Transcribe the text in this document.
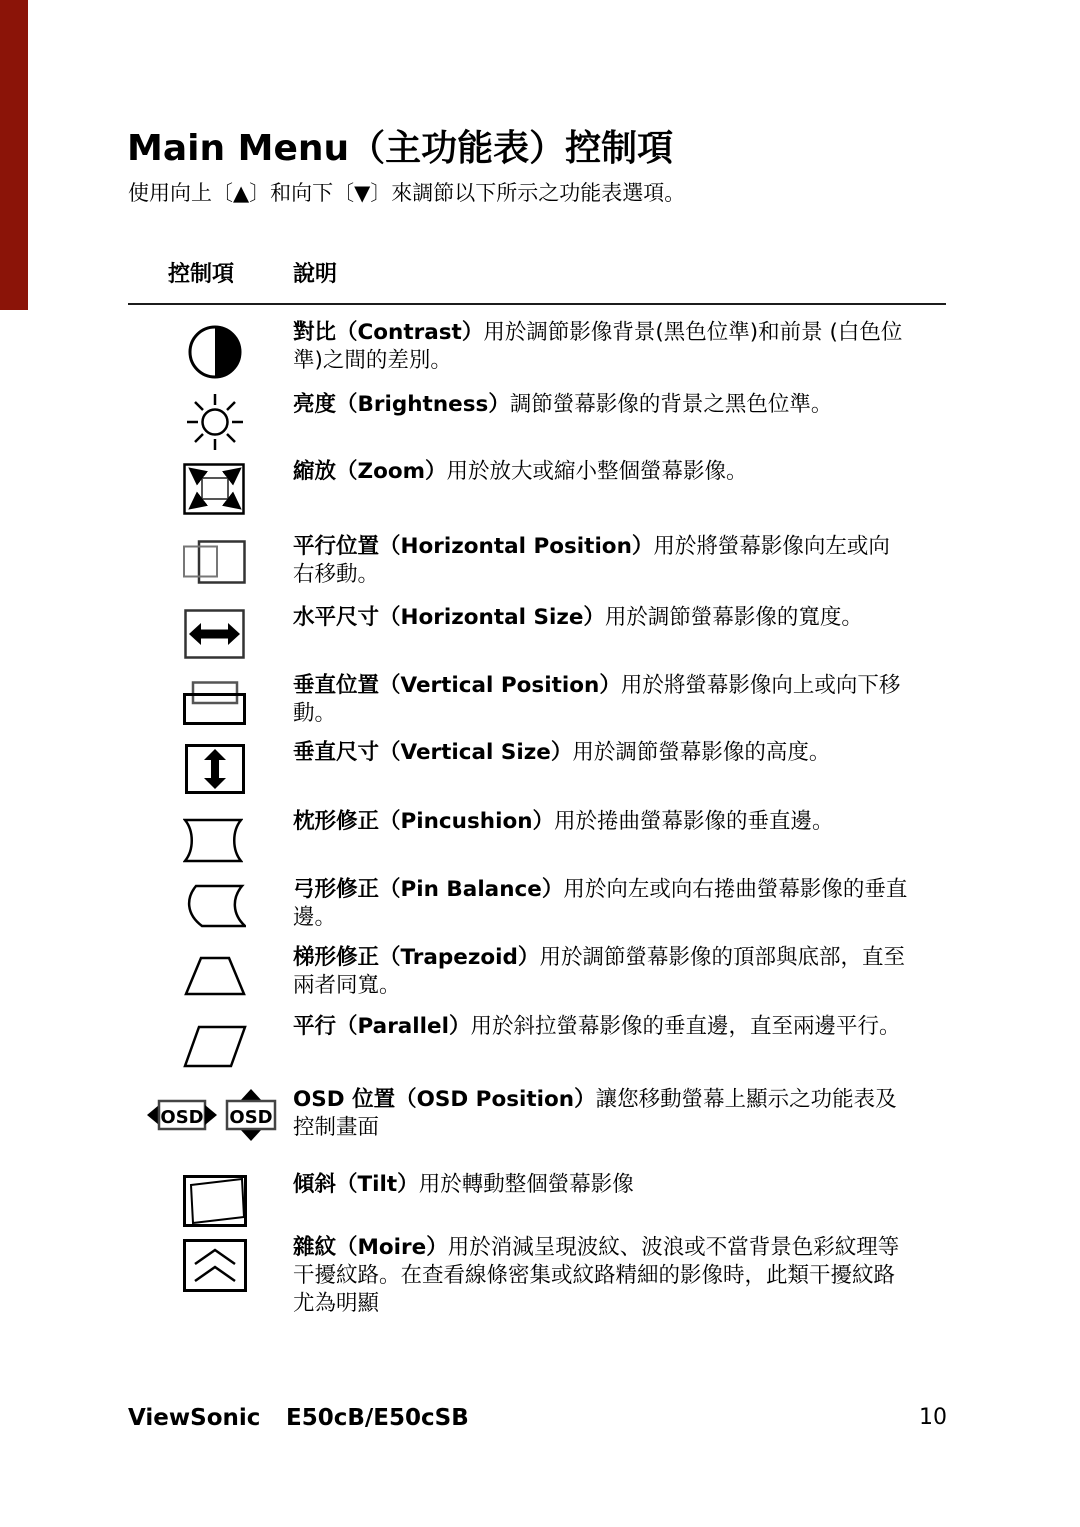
Main Menu（主功能表）控制項
使用向上〔▲〕和向下〔▼〕來調節以下所示之功能表選項。
控制項	說明
對比（Contrast）用於調節影像背景(黑色位準)和前景 (白色位準)之間的差別。
亮度（Brightness）調節螢幕影像的背景之黑色位準。
縮放（Zoom）用於放大或縮小整個螢幕影像。
平行位置（Horizontal Position）用於將螢幕影像向左或向右移動。
水平尺寸（Horizontal Size）用於調節螢幕影像的寬度。
垂直位置（Vertical Position）用於將螢幕影像向上或向下移動。
垂直尺寸（Vertical Size）用於調節螢幕影像的高度。
枕形修正（Pincushion）用於捲曲螢幕影像的垂直邊。
弓形修正（Pin Balance）用於向左或向右捲曲螢幕影像的垂直邊。
梯形修正（Trapezoid）用於調節螢幕影像的頂部與底部，直至兩者同寬。
平行（Parallel）用於斜拉螢幕影像的垂直邊，直至兩邊平行。
OSD OSD
OSD 位置（OSD Position）讓您移動螢幕上顯示之功能表及控制畫面
傾斜（Tilt）用於轉動整個螢幕影像
雜紋（Moire）用於消減呈現波紋、波浪或不當背景色彩紋理等干擾紋路。在查看線條密集或紋路精細的影像時，此類干擾紋路尤為明顯
ViewSonic E50cB/E50cSB	10
